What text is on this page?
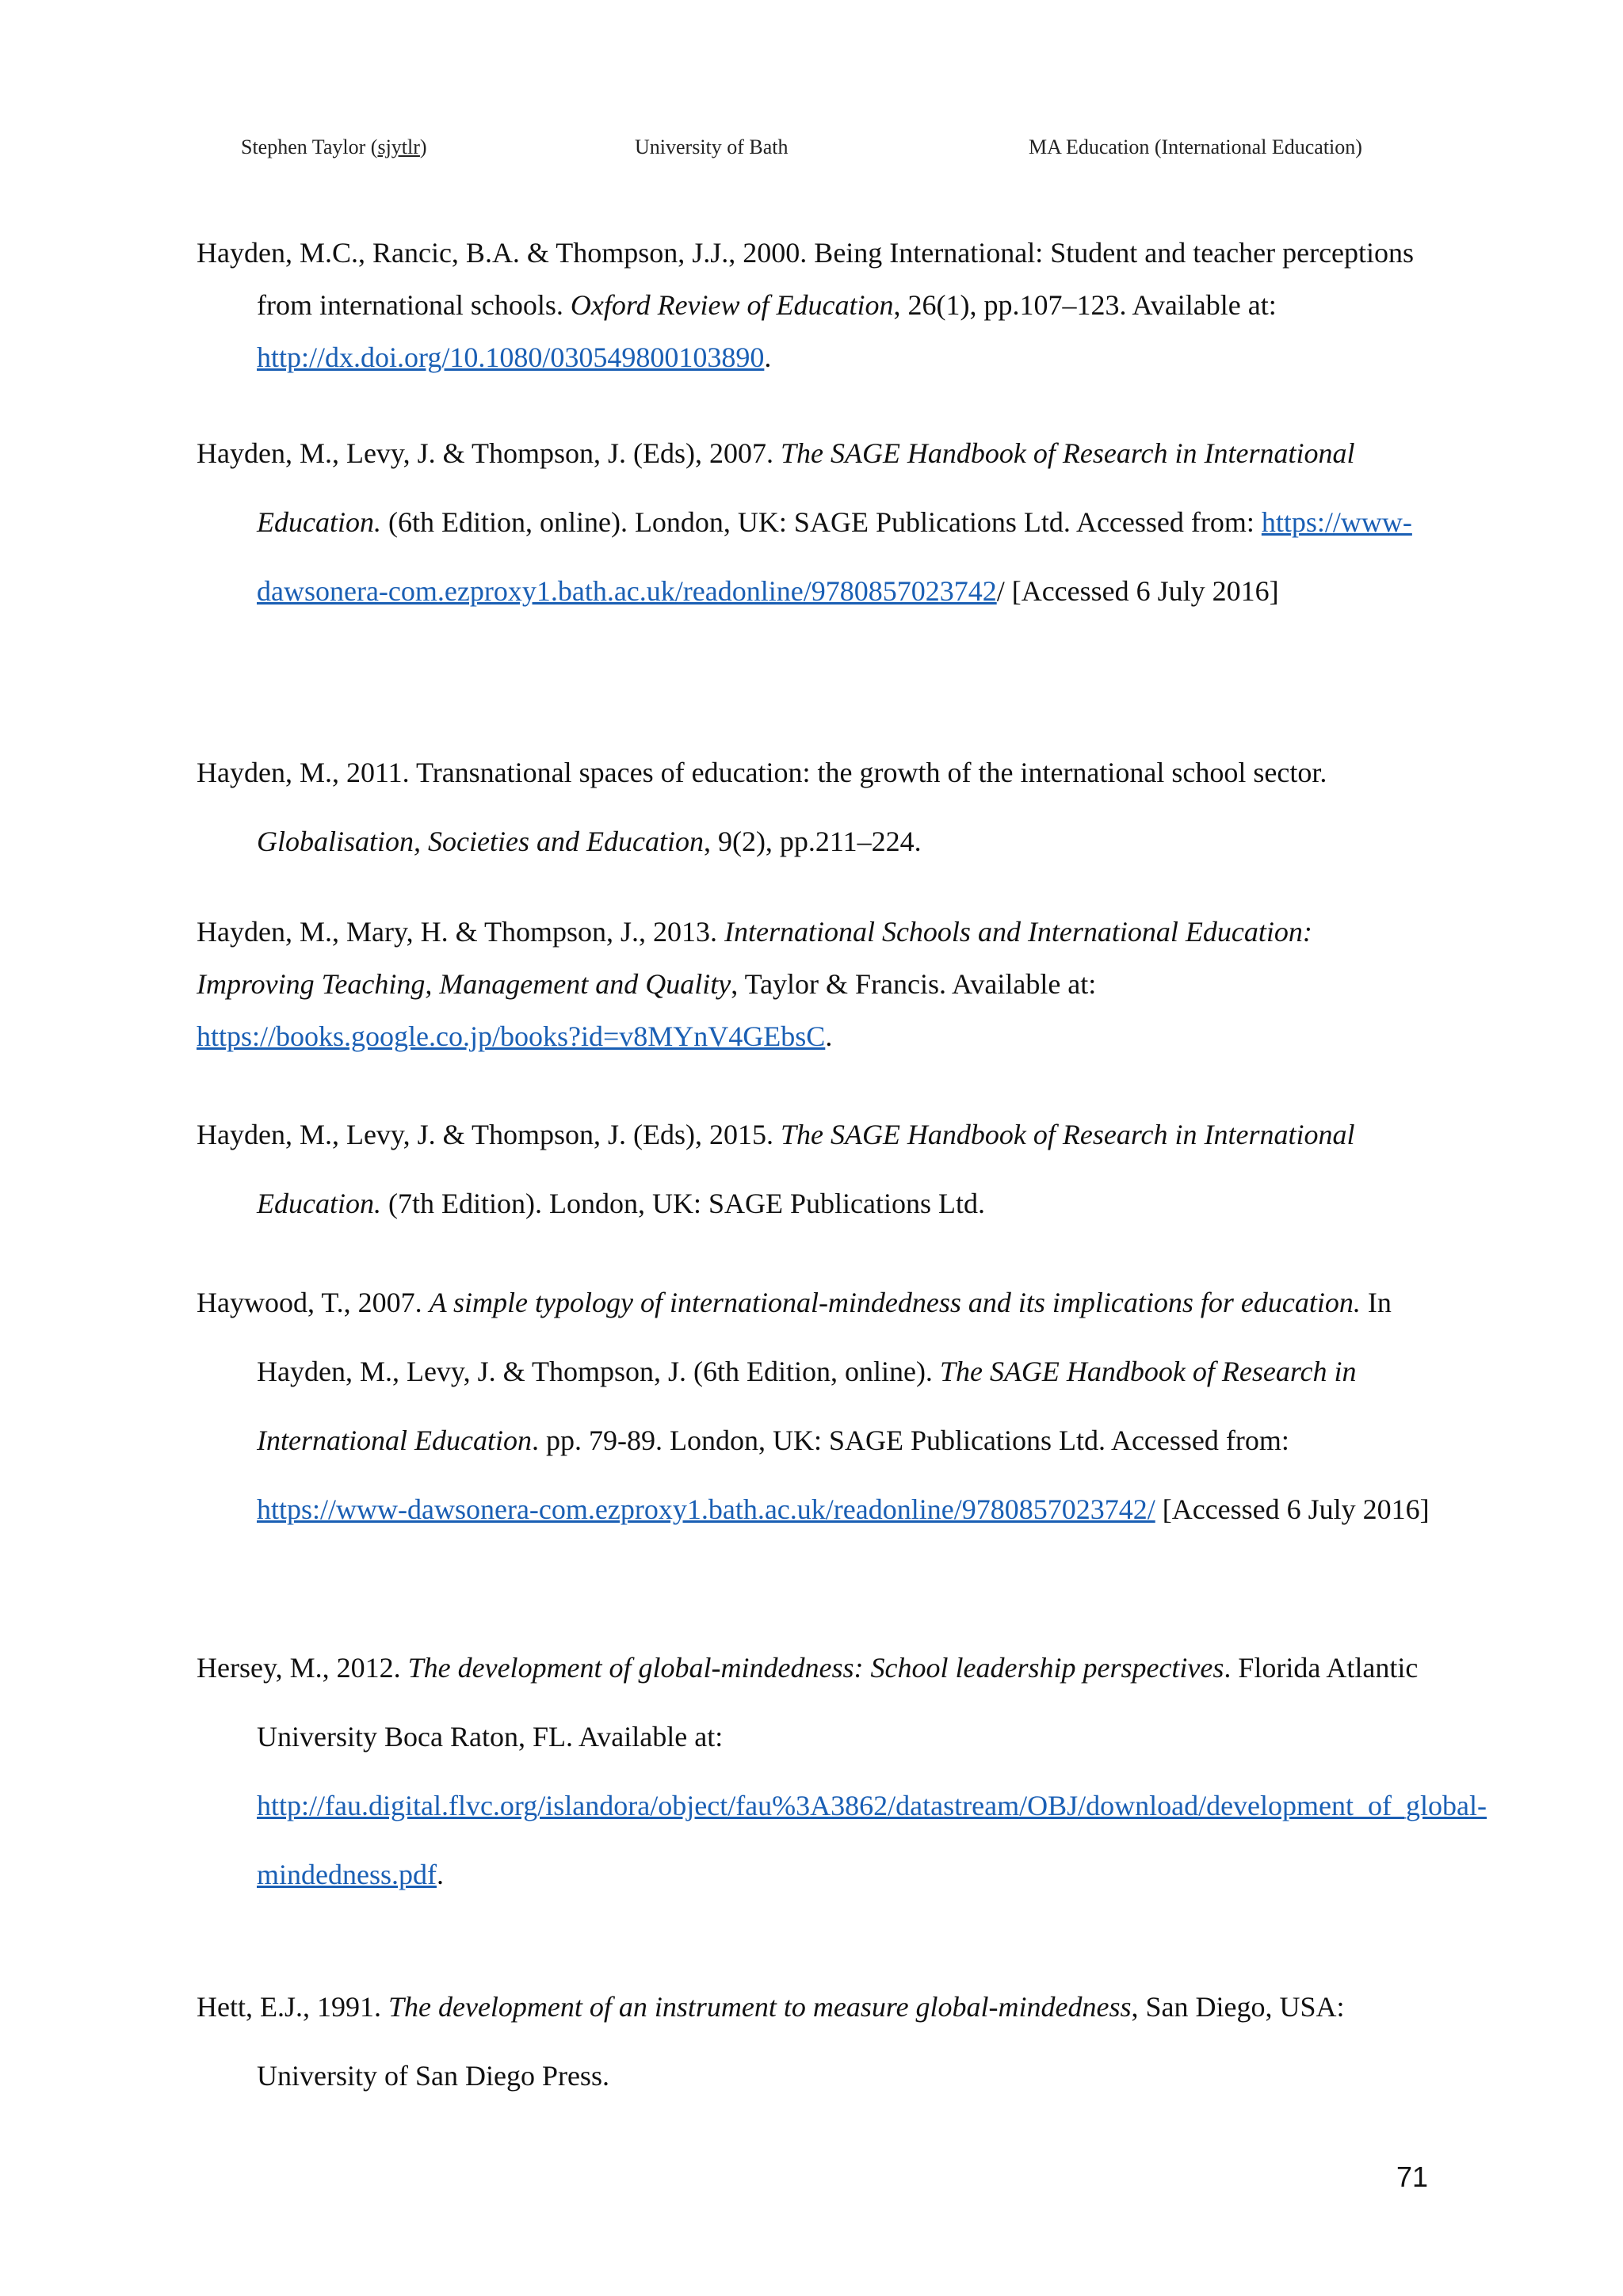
Stephen Taylor (sjytlr)	University of Bath	MA Education (International Education)

Hayden, M.C., Rancic, B.A. & Thompson, J.J., 2000. Being International: Student and teacher perceptions from international schools. Oxford Review of Education, 26(1), pp.107–123. Available at: http://dx.doi.org/10.1080/030549800103890.

Hayden, M., Levy, J. & Thompson, J. (Eds), 2007. The SAGE Handbook of Research in International Education. (6th Edition, online). London, UK: SAGE Publications Ltd. Accessed from: https://www-dawsonera-com.ezproxy1.bath.ac.uk/readonline/9780857023742/ [Accessed 6 July 2016]

Hayden, M., 2011. Transnational spaces of education: the growth of the international school sector. Globalisation, Societies and Education, 9(2), pp.211–224.

Hayden, M., Mary, H. & Thompson, J., 2013. International Schools and International Education: Improving Teaching, Management and Quality, Taylor & Francis. Available at: https://books.google.co.jp/books?id=v8MYnV4GEbsC.

Hayden, M., Levy, J. & Thompson, J. (Eds), 2015. The SAGE Handbook of Research in International Education. (7th Edition). London, UK: SAGE Publications Ltd.

Haywood, T., 2007. A simple typology of international-mindedness and its implications for education. In Hayden, M., Levy, J. & Thompson, J. (6th Edition, online). The SAGE Handbook of Research in International Education. pp. 79-89. London, UK: SAGE Publications Ltd. Accessed from: https://www-dawsonera-com.ezproxy1.bath.ac.uk/readonline/9780857023742/ [Accessed 6 July 2016]

Hersey, M., 2012. The development of global-mindedness: School leadership perspectives. Florida Atlantic University Boca Raton, FL. Available at: http://fau.digital.flvc.org/islandora/object/fau%3A3862/datastream/OBJ/download/development_of_global-mindedness.pdf.

Hett, E.J., 1991. The development of an instrument to measure global-mindedness, San Diego, USA: University of San Diego Press.

71
